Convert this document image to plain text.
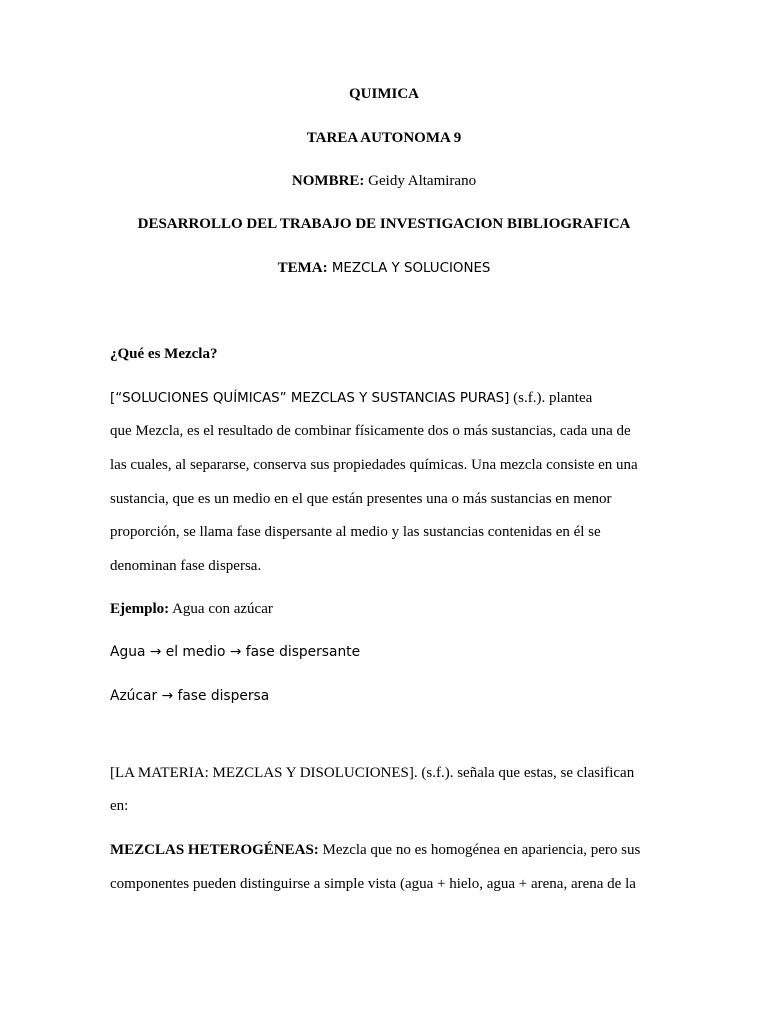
QUIMICA
TAREA AUTONOMA 9
NOMBRE: Geidy Altamirano
DESARROLLO DEL TRABAJO DE INVESTIGACION BIBLIOGRAFICA
TEMA: MEZCLA Y SOLUCIONES
¿Qué es Mezcla?
[“SOLUCIONES QUÍMICAS” MEZCLAS Y SUSTANCIAS PURAS] (s.f.). plantea
que Mezcla, es el resultado de combinar físicamente dos o más sustancias, cada una de
las cuales, al separarse, conserva sus propiedades químicas. Una mezcla consiste en una
sustancia, que es un medio en el que están presentes una o más sustancias en menor
proporción, se llama fase dispersante al medio y las sustancias contenidas en él se
denominan fase dispersa.
Ejemplo: Agua con azúcar
Agua → el medio → fase dispersante
Azúcar → fase dispersa
[LA MATERIA: MEZCLAS Y DISOLUCIONES]. (s.f.). señala que estas, se clasifican
en:
MEZCLAS HETEROGÉNEAS: Mezcla que no es homogénea en apariencia, pero sus
componentes pueden distinguirse a simple vista (agua + hielo, agua + arena, arena de la
